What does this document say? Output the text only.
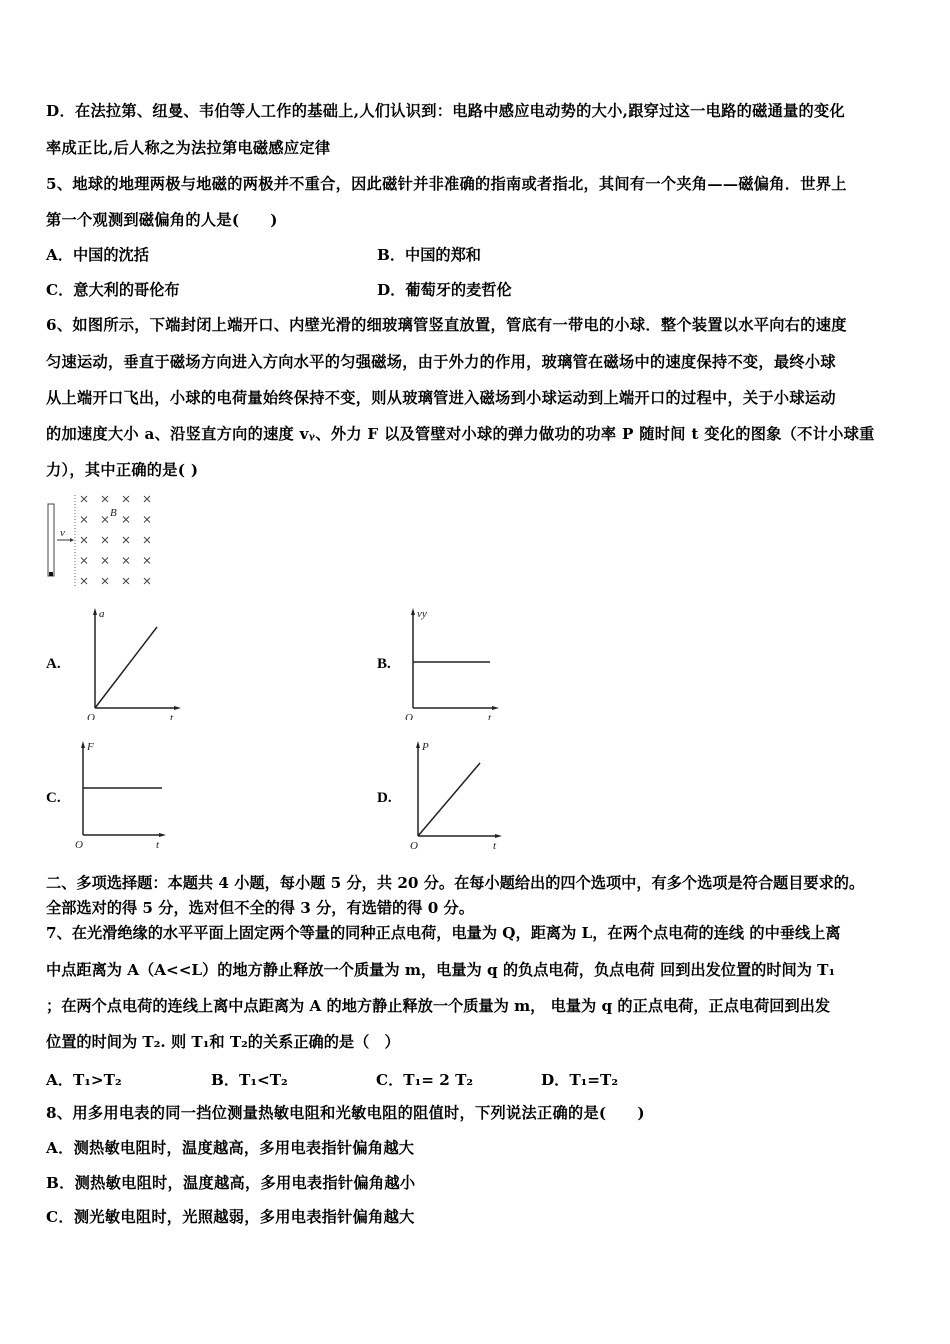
D．在法拉第、纽曼、韦伯等人工作的基础上,人们认识到：电路中感应电动势的大小,跟穿过这一电路的磁通量的变化
率成正比,后人称之为法拉第电磁感应定律
5、地球的地理两极与地磁的两极并不重合，因此磁针并非准确的指南或者指北，其间有一个夹角——磁偏角．世界上
第一个观测到磁偏角的人是(　　)
A．中国的沈括	B．中国的郑和
C．意大利的哥伦布	D．葡萄牙的麦哲伦
6、如图所示，下端封闭上端开口、内壁光滑的细玻璃管竖直放置，管底有一带电的小球．整个装置以水平向右的速度
匀速运动，垂直于磁场方向进入方向水平的匀强磁场，由于外力的作用，玻璃管在磁场中的速度保持不变，最终小球
从上端开口飞出，小球的电荷量始终保持不变，则从玻璃管进入磁场到小球运动到上端开口的过程中，关于小球运动
的加速度大小 a、沿竖直方向的速度 vᵧ、外力 F 以及管壁对小球的弹力做功的功率 P 随时间 t 变化的图象（不计小球重
力），其中正确的是( )
v
B
A.
a
O	t
B.
vy
O	t
C.
F
O	t
D.
P
O	t
二、多项选择题：本题共 4 小题，每小题 5 分，共 20 分。在每小题给出的四个选项中，有多个选项是符合题目要求的。
全部选对的得 5 分，选对但不全的得 3 分，有选错的得 0 分。
7、在光滑绝缘的水平平面上固定两个等量的同种正点电荷，电量为 Q，距离为 L，在两个点电荷的连线 的中垂线上离
中点距离为 A（A<<L）的地方静止释放一个质量为 m，电量为 q 的负点电荷，负点电荷 回到出发位置的时间为 T₁
；在两个点电荷的连线上离中点距离为 A 的地方静止释放一个质量为 m， 电量为 q 的正点电荷，正点电荷回到出发
位置的时间为 T₂. 则 T₁和 T₂的关系正确的是（　）
A．T₁>T₂	B．T₁<T₂	C．T₁= 2 T₂	D．T₁=T₂
8、用多用电表的同一挡位测量热敏电阻和光敏电阻的阻值时，下列说法正确的是(　　)
A．测热敏电阻时，温度越高，多用电表指针偏角越大
B．测热敏电阻时，温度越高，多用电表指针偏角越小
C．测光敏电阻时，光照越弱，多用电表指针偏角越大
